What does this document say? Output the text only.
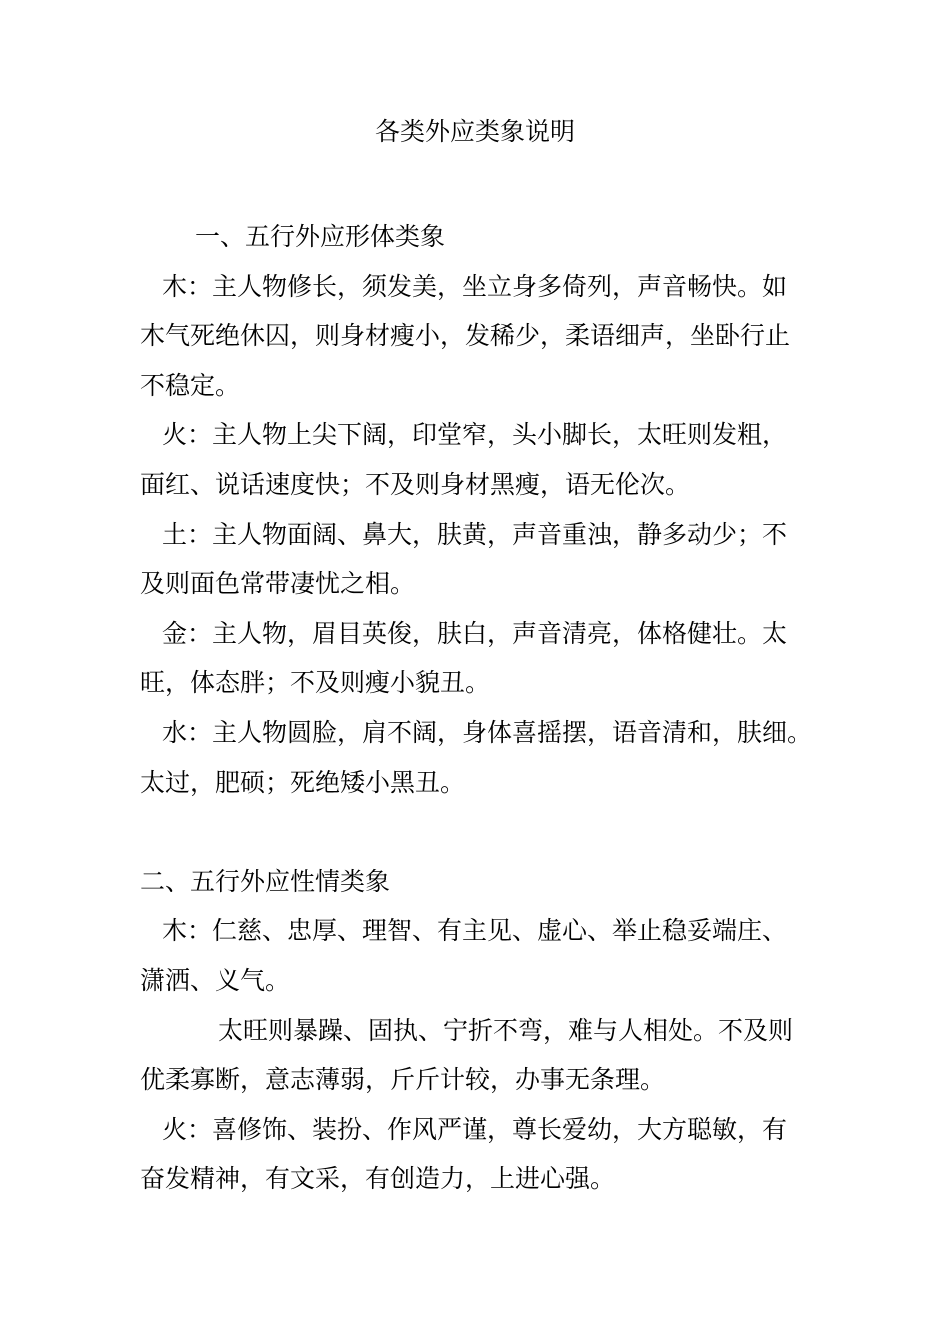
各类外应类象说明
一、五行外应形体类象
木：主人物修长，须发美，坐立身多倚列，声音畅快。如
木气死绝休囚，则身材瘦小，发稀少，柔语细声，坐卧行止
不稳定。
火：主人物上尖下阔，印堂窄，头小脚长，太旺则发粗，
面红、说话速度快；不及则身材黑瘦，语无伦次。
土：主人物面阔、鼻大，肤黄，声音重浊，静多动少；不
及则面色常带凄忧之相。
金：主人物，眉目英俊，肤白，声音清亮，体格健壮。太
旺，体态胖；不及则瘦小貌丑。
水：主人物圆脸，肩不阔，身体喜摇摆，语音清和，肤细。
太过，肥硕；死绝矮小黑丑。
二、五行外应性情类象
木：仁慈、忠厚、理智、有主见、虚心、举止稳妥端庄、
潇洒、义气。
太旺则暴躁、固执、宁折不弯，难与人相处。不及则
优柔寡断，意志薄弱，斤斤计较，办事无条理。
火：喜修饰、装扮、作风严谨，尊长爱幼，大方聪敏，有
奋发精神，有文采，有创造力，上进心强。
